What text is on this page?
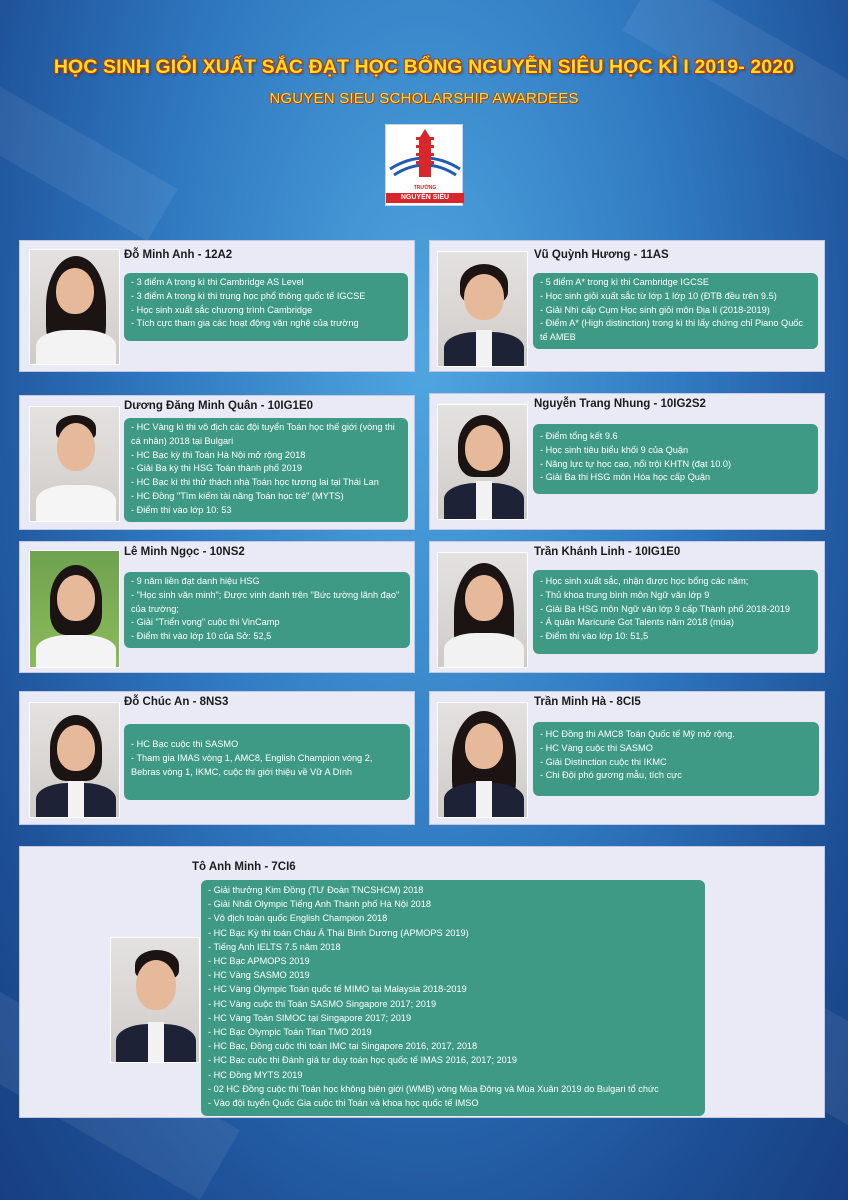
HỌC SINH GIỎI XUẤT SẮC ĐẠT HỌC BỔNG NGUYỄN SIÊU HỌC KÌ I 2019- 2020
NGUYEN SIEU SCHOLARSHIP AWARDEES
TRƯỜNG
NGUYỄN SIÊU
Đỗ Minh Anh - 12A2
- 3 điểm A trong kì thi Cambridge AS Level
- 3 điểm A trong kì thi trung học phổ thông quốc tế IGCSE
- Học sinh xuất sắc chương trình Cambridge
- Tích cực tham gia các hoạt động văn nghệ của trường
Vũ Quỳnh Hương - 11AS
- 5 điểm A* trong kì thi Cambridge IGCSE
- Học sinh giỏi xuất sắc từ lớp 1 lớp 10 (ĐTB đều trên 9.5)
- Giải Nhì cấp Cụm Học sinh giỏi môn Địa lí (2018-2019)
- Điểm A* (High distinction) trong kì thi lấy chứng chỉ Piano Quốc tế AMEB
Dương Đăng Minh Quân - 10IG1E0
- HC Vàng kì thi vô địch các đội tuyển Toán học thế giới (vòng thi cá nhân) 2018 tại Bulgari
- HC Bạc kỳ thi Toán Hà Nội mở rộng 2018
- Giải Ba kỳ thi HSG Toán thành phố 2019
- HC Bạc kì thi thử thách nhà Toán học tương lai tại Thái Lan
- HC Đồng "Tìm kiếm tài năng Toán học trẻ" (MYTS)
- Điểm thi vào lớp 10: 53
Nguyễn Trang Nhung - 10IG2S2
- Điểm tổng kết 9.6
- Học sinh tiêu biểu khối 9 của Quận
- Năng lực tự học cao, nổi trội KHTN (đạt 10.0)
- Giải Ba thi HSG môn Hóa học cấp Quận
Lê Minh Ngọc - 10NS2
- 9 năm liền đạt danh hiệu HSG
- "Học sinh văn minh"; Được vinh danh trên "Bức tường lãnh đạo" của trường;
- Giải "Triển vọng" cuộc thi VinCamp
- Điểm thi vào lớp 10 của Sở: 52,5
Trần Khánh Linh - 10IG1E0
- Học sinh xuất sắc, nhận được học bổng các năm;
- Thủ khoa trung bình môn Ngữ văn lớp 9
- Giải Ba HSG môn Ngữ văn lớp 9 cấp Thành phố 2018-2019
- Á quân Maricurie Got Talents năm 2018 (múa)
- Điểm thi vào lớp 10: 51,5
Đỗ Chúc An - 8NS3
- HC Bạc cuộc thi SASMO
- Tham gia IMAS vòng 1, AMC8, English Champion vòng 2, Bebras vòng 1, IKMC, cuộc thi giới thiệu về Vữ A Dính
Trần Minh Hà - 8CI5
- HC Đồng thi AMC8 Toán Quốc tế Mỹ mở rộng.
- HC Vàng cuộc thi SASMO
- Giải Distinction cuộc thi IKMC
- Chi Đội phó gương mẫu, tích cực
Tô Anh Minh - 7CI6
- Giải thưởng Kim Đồng (TƯ Đoàn TNCSHCM) 2018
- Giải Nhất Olympic Tiếng Anh Thành phố Hà Nội 2018
- Vô địch toàn quốc English Champion 2018
- HC Bạc Kỳ thi toán Châu Á Thái Bình Dương (APMOPS 2019)
- Tiếng Anh IELTS 7.5 năm 2018
- HC Bạc APMOPS 2019
- HC Vàng SASMO 2019
- HC Vàng Olympic Toán quốc tế MIMO tại Malaysia 2018-2019
- HC Vàng cuộc thi Toán SASMO Singapore 2017; 2019
- HC Vàng Toán SIMOC tại Singapore 2017; 2019
- HC Bạc Olympic Toán Titan TMO 2019
- HC Bạc, Đồng cuộc thi toán IMC tại Singapore 2016, 2017, 2018
- HC Bạc cuộc thi Đánh giá tư duy toán học quốc tế IMAS 2016, 2017; 2019
- HC Đồng MYTS 2019
- 02 HC Đồng cuộc thi Toán học không biên giới (WMB) vòng Mùa Đông và Mùa Xuân 2019 do Bulgari tổ chức
- Vào đội tuyển Quốc Gia cuộc thi Toán và khoa học quốc tế IMSO
